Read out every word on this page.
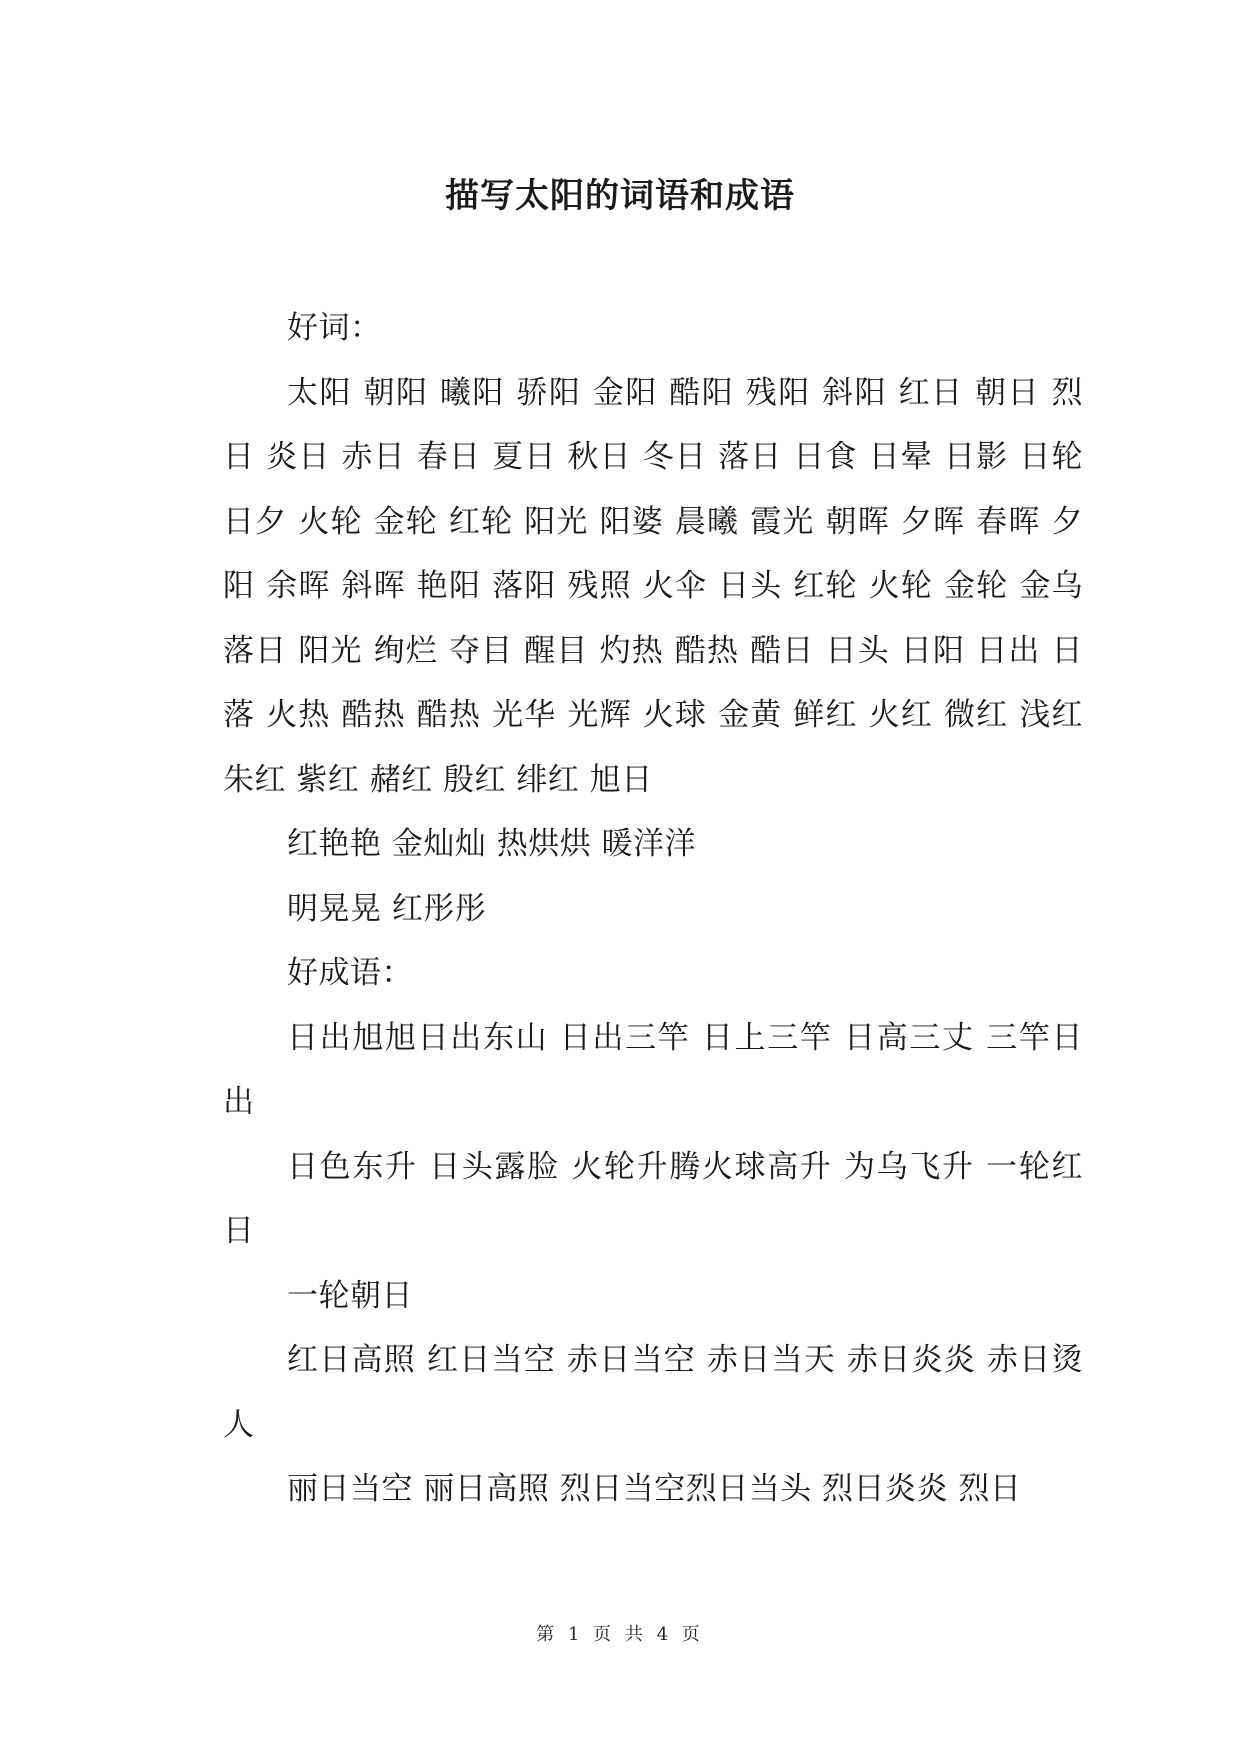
描写太阳的词语和成语

好词：

太阳 朝阳 曦阳 骄阳 金阳 酷阳 残阳 斜阳 红日 朝日 烈日 炎日 赤日 春日 夏日 秋日 冬日 落日 日食 日晕 日影 日轮 日夕 火轮 金轮 红轮 阳光 阳婆 晨曦 霞光 朝晖 夕晖 春晖 夕阳 余晖 斜晖 艳阳 落阳 残照 火伞 日头 红轮 火轮 金轮 金乌 落日 阳光 绚烂 夺目 醒目 灼热 酷热 酷日 日头 日阳 日出 日落 火热 酷热 酷热 光华 光辉 火球 金黄 鲜红 火红 微红 浅红 朱红 紫红 赭红 殷红 绯红 旭日

红艳艳 金灿灿 热烘烘 暖洋洋

明晃晃 红彤彤

好成语：

日出旭旭日出东山 日出三竿 日上三竿 日高三丈 三竿日出

日色东升 日头露脸 火轮升腾火球高升 为乌飞升 一轮红日

一轮朝日

红日高照 红日当空 赤日当空 赤日当天 赤日炎炎 赤日烫人

丽日当空 丽日高照 烈日当空烈日当头 烈日炎炎 烈日

第 1 页 共 4 页
